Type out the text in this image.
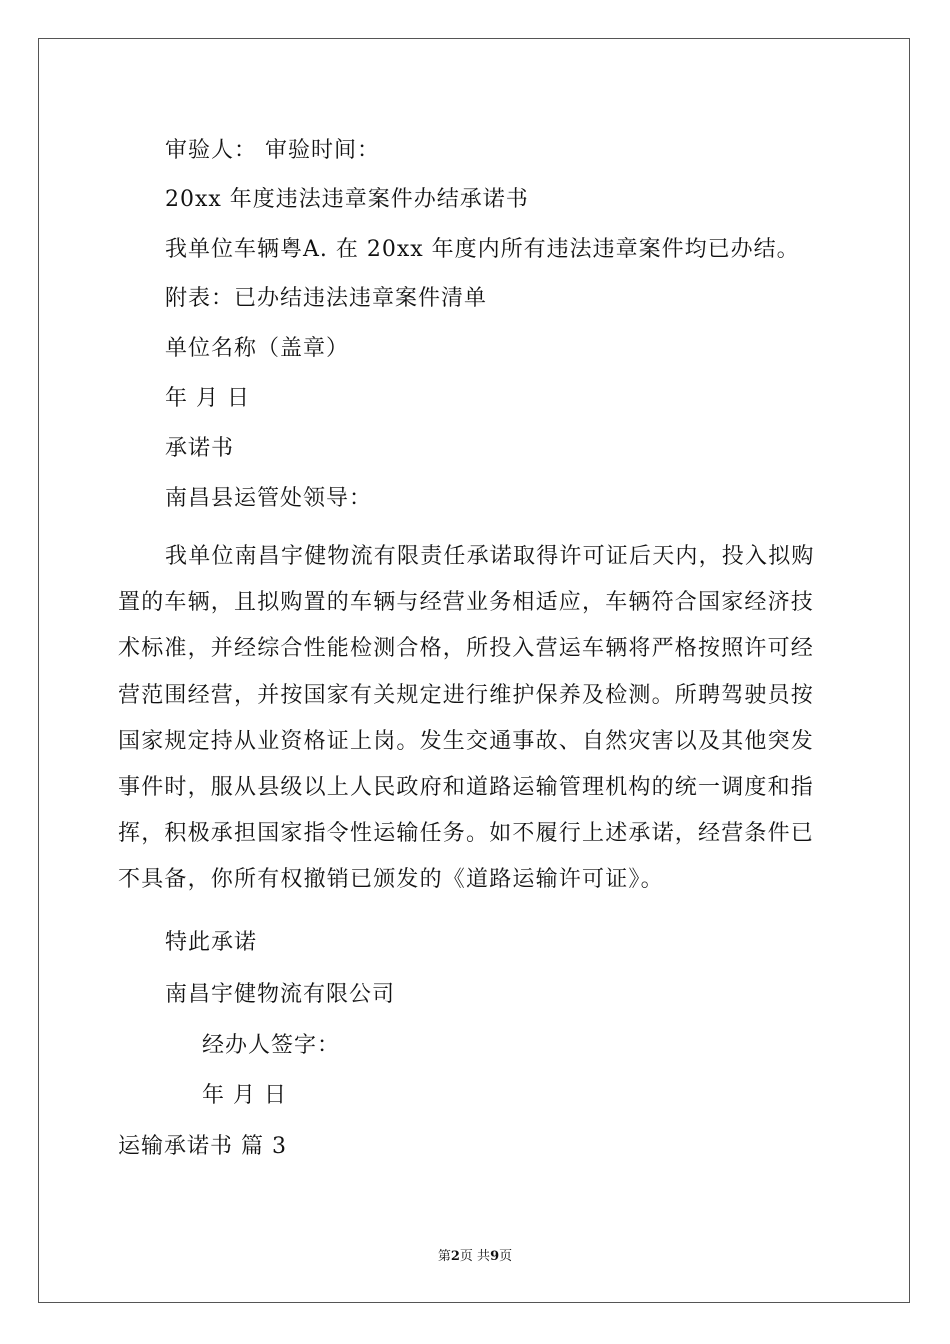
审验人： 审验时间：
20xx 年度违法违章案件办结承诺书
我单位车辆粤A. 在 20xx 年度内所有违法违章案件均已办结。
附表：已办结违法违章案件清单
单位名称（盖章）
年 月 日
承诺书
南昌县运管处领导：
我单位南昌宇健物流有限责任承诺取得许可证后天内，投入拟购
置的车辆，且拟购置的车辆与经营业务相适应，车辆符合国家经济技
术标准，并经综合性能检测合格，所投入营运车辆将严格按照许可经
营范围经营，并按国家有关规定进行维护保养及检测。所聘驾驶员按
国家规定持从业资格证上岗。发生交通事故、自然灾害以及其他突发
事件时，服从县级以上人民政府和道路运输管理机构的统一调度和指
挥，积极承担国家指令性运输任务。如不履行上述承诺，经营条件已
不具备，你所有权撤销已颁发的《道路运输许可证》。
特此承诺
南昌宇健物流有限公司
经办人签字：
年 月 日
运输承诺书 篇 3
第2页 共9页
